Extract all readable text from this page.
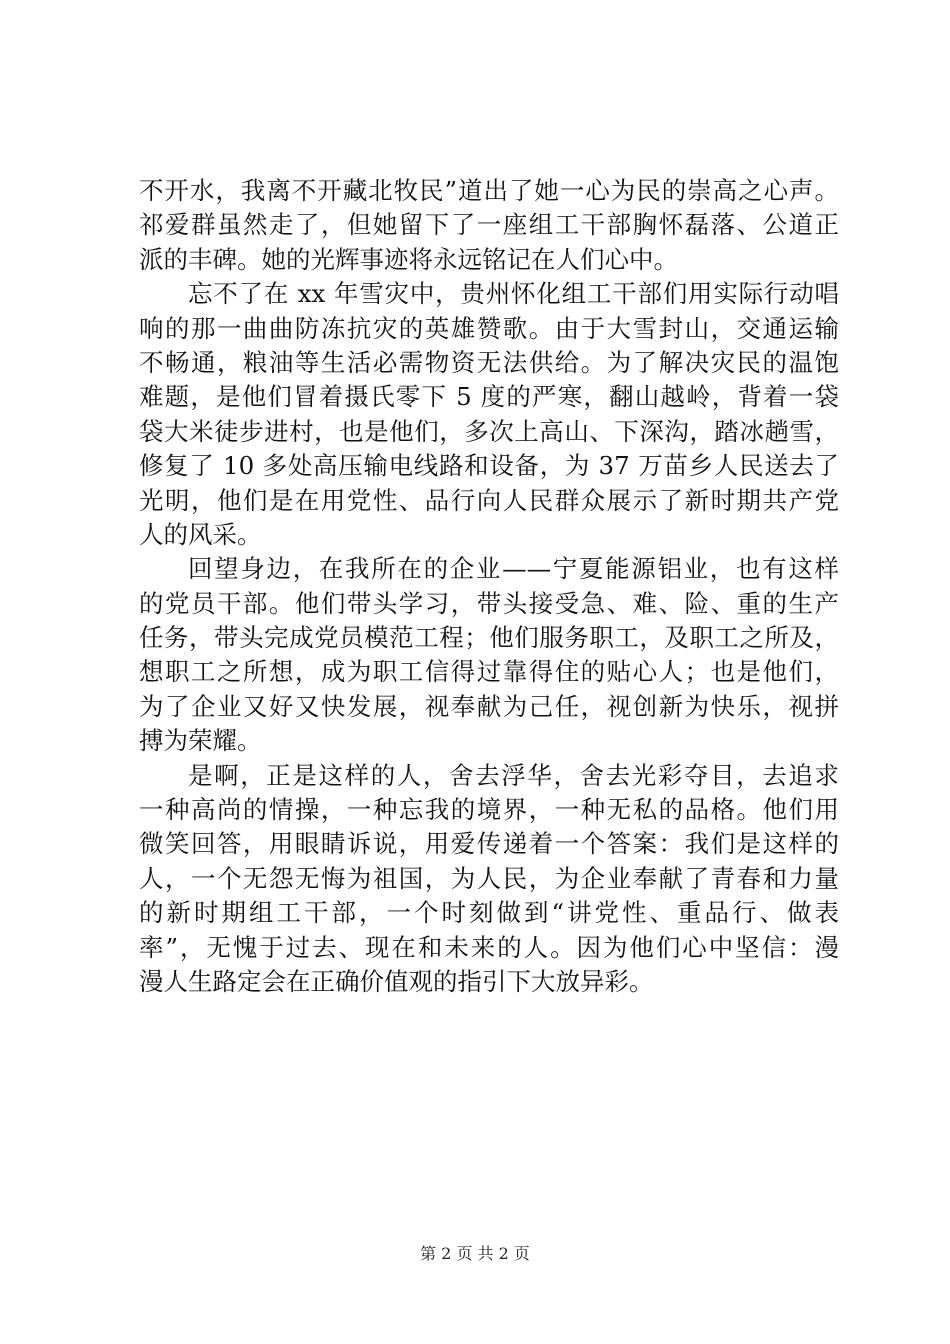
不开水，我离不开藏北牧民”道出了她一心为民的崇高之心声。
祁爱群虽然走了，但她留下了一座组工干部胸怀磊落、公道正
派的丰碑。她的光辉事迹将永远铭记在人们心中。
忘不了在 xx 年雪灾中，贵州怀化组工干部们用实际行动唱
响的那一曲曲防冻抗灾的英雄赞歌。由于大雪封山，交通运输
不畅通，粮油等生活必需物资无法供给。为了解决灾民的温饱
难题，是他们冒着摄氏零下 5 度的严寒，翻山越岭，背着一袋
袋大米徒步进村，也是他们，多次上高山、下深沟，踏冰趟雪，
修复了 10 多处高压输电线路和设备，为 37 万苗乡人民送去了
光明，他们是在用党性、品行向人民群众展示了新时期共产党
人的风采。
回望身边，在我所在的企业——宁夏能源铝业，也有这样
的党员干部。他们带头学习，带头接受急、难、险、重的生产
任务，带头完成党员模范工程；他们服务职工，及职工之所及，
想职工之所想，成为职工信得过靠得住的贴心人；也是他们，
为了企业又好又快发展，视奉献为己任，视创新为快乐，视拼
搏为荣耀。
是啊，正是这样的人，舍去浮华，舍去光彩夺目，去追求
一种高尚的情操，一种忘我的境界，一种无私的品格。他们用
微笑回答，用眼睛诉说，用爱传递着一个答案：我们是这样的
人，一个无怨无悔为祖国，为人民，为企业奉献了青春和力量
的新时期组工干部，一个时刻做到“讲党性、重品行、做表
率”，无愧于过去、现在和未来的人。因为他们心中坚信：漫
漫人生路定会在正确价值观的指引下大放异彩。
第 2 页 共 2 页
